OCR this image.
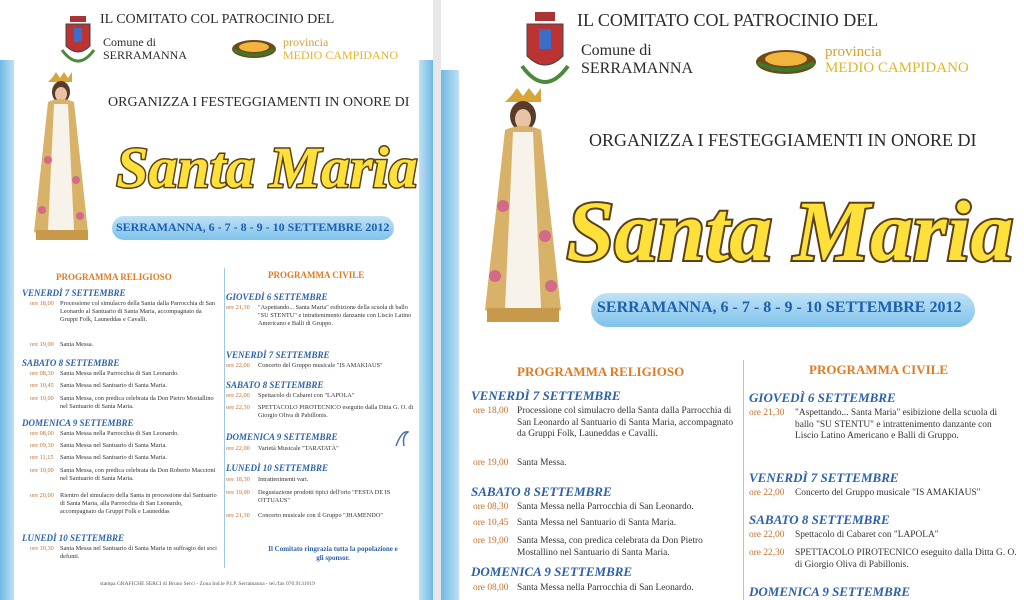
IL COMITATO COL PATROCINIO DEL
Comune di
SERRAMANNA
provincia
MEDIO CAMPIDANO
ORGANIZZA I FESTEGGIAMENTI IN ONORE DI
Santa Maria
SERRAMANNA, 6 - 7 - 8 - 9 - 10 SETTEMBRE 2012
PROGRAMMA RELIGIOSO	PROGRAMMA CIVILE
VENERDÌ 7 SETTEMBRE
ore 18,00 Processione col simulacro della Santa dalla Parrocchia di San Leonardo al Santuario di Santa Maria, accompagnato da Gruppi Folk, Launeddas e Cavalli.
ore 19,00 Santa Messa.
SABATO 8 SETTEMBRE
ore 08,30 Santa Messa nella Parrocchia di San Leonardo.
ore 10,45 Santa Messa nel Santuario di Santa Maria.
ore 19,00 Santa Messa, con predica celebrata da Don Pietro Mostallino nel Santuario di Santa Maria.
DOMENICA 9 SETTEMBRE
ore 08,00 Santa Messa nella Parrocchia di San Leonardo.
ore 09,30 Santa Messa nel Santuario di Santa Maria.
ore 11,15 Santa Messa nel Santuario di Santa Maria.
ore 19,00 Santa Messa, con predica celebrata da Don Roberto Maccioni nel Santuario di Santa Maria.
ore 20,00 Rientro del simulacro della Santa in processione dal Santuario di Santa Maria, alla Parrocchia di San Leonardo, accompagnato da Gruppi Folk e Launeddas
LUNEDÌ 10 SETTEMBRE
ore 10,30 Santa Messa nel Santuario di Santa Maria in suffragio dei soci defunti.
GIOVEDÌ 6 SETTEMBRE
ore 21,30 "Aspettando... Santa Maria" esibizione della scuola di ballo "SU STENTU" e intrattenimento danzante con Liscio Latino Americano e Balli di Gruppo.
VENERDÌ 7 SETTEMBRE
ore 22,00 Concerto del Gruppo musicale "IS AMAKIAUS"
SABATO 8 SETTEMBRE
ore 22,00 Spettacolo di Cabaret con "LAPOLA"
ore 22,30 SPETTACOLO PIROTECNICO eseguito dalla Ditta G. O. di Giorgio Oliva di Pabillonis.
DOMENICA 9 SETTEMBRE
ore 22,00 Varietà Musicale "TARATATÀ"
LUNEDÌ 10 SETTEMBRE
ore 18,30 Intrattenimenti vari.
ore 19,00 Degustazione prodotti tipici dell'orto "FESTA DE IS OTTUAUS"
ore 21,30 Concerto musicale con il Gruppo "JHAMENDO"
Il Comitato ringrazia tutta la popolazione e gli sponsor.
stampa GRAFICHE SERCI di Bruno Serci - Zona Ind.le P.I.P. Serramanna - tel./fax 070.9131019
IL COMITATO COL PATROCINIO DEL
Comune di
SERRAMANNA
provincia
MEDIO CAMPIDANO
ORGANIZZA I FESTEGGIAMENTI IN ONORE DI
Santa Maria
SERRAMANNA, 6 - 7 - 8 - 9 - 10 SETTEMBRE 2012
PROGRAMMA RELIGIOSO	PROGRAMMA CIVILE
VENERDÌ 7 SETTEMBRE
ore 18,00 Processione col simulacro della Santa dalla Parrocchia di San Leonardo al Santuario di Santa Maria, accompagnato da Gruppi Folk, Launeddas e Cavalli.
ore 19,00 Santa Messa.
SABATO 8 SETTEMBRE
ore 08,30 Santa Messa nella Parrocchia di San Leonardo.
ore 10,45 Santa Messa nel Santuario di Santa Maria.
ore 19,00 Santa Messa, con predica celebrata da Don Pietro Mostallino nel Santuario di Santa Maria.
DOMENICA 9 SETTEMBRE
ore 08,00 Santa Messa nella Parrocchia di San Leonardo.
GIOVEDÌ 6 SETTEMBRE
ore 21,30 "Aspettando... Santa Maria" esibizione della scuola di ballo "SU STENTU" e intrattenimento danzante con Liscio Latino Americano e Balli di Gruppo.
VENERDÌ 7 SETTEMBRE
ore 22,00 Concerto del Gruppo musicale "IS AMAKIAUS"
SABATO 8 SETTEMBRE
ore 22,00 Spettacolo di Cabaret con "LAPOLA"
ore 22,30 SPETTACOLO PIROTECNICO eseguito dalla Ditta G. O. di Giorgio Oliva di Pabillonis.
DOMENICA 9 SETTEMBRE
